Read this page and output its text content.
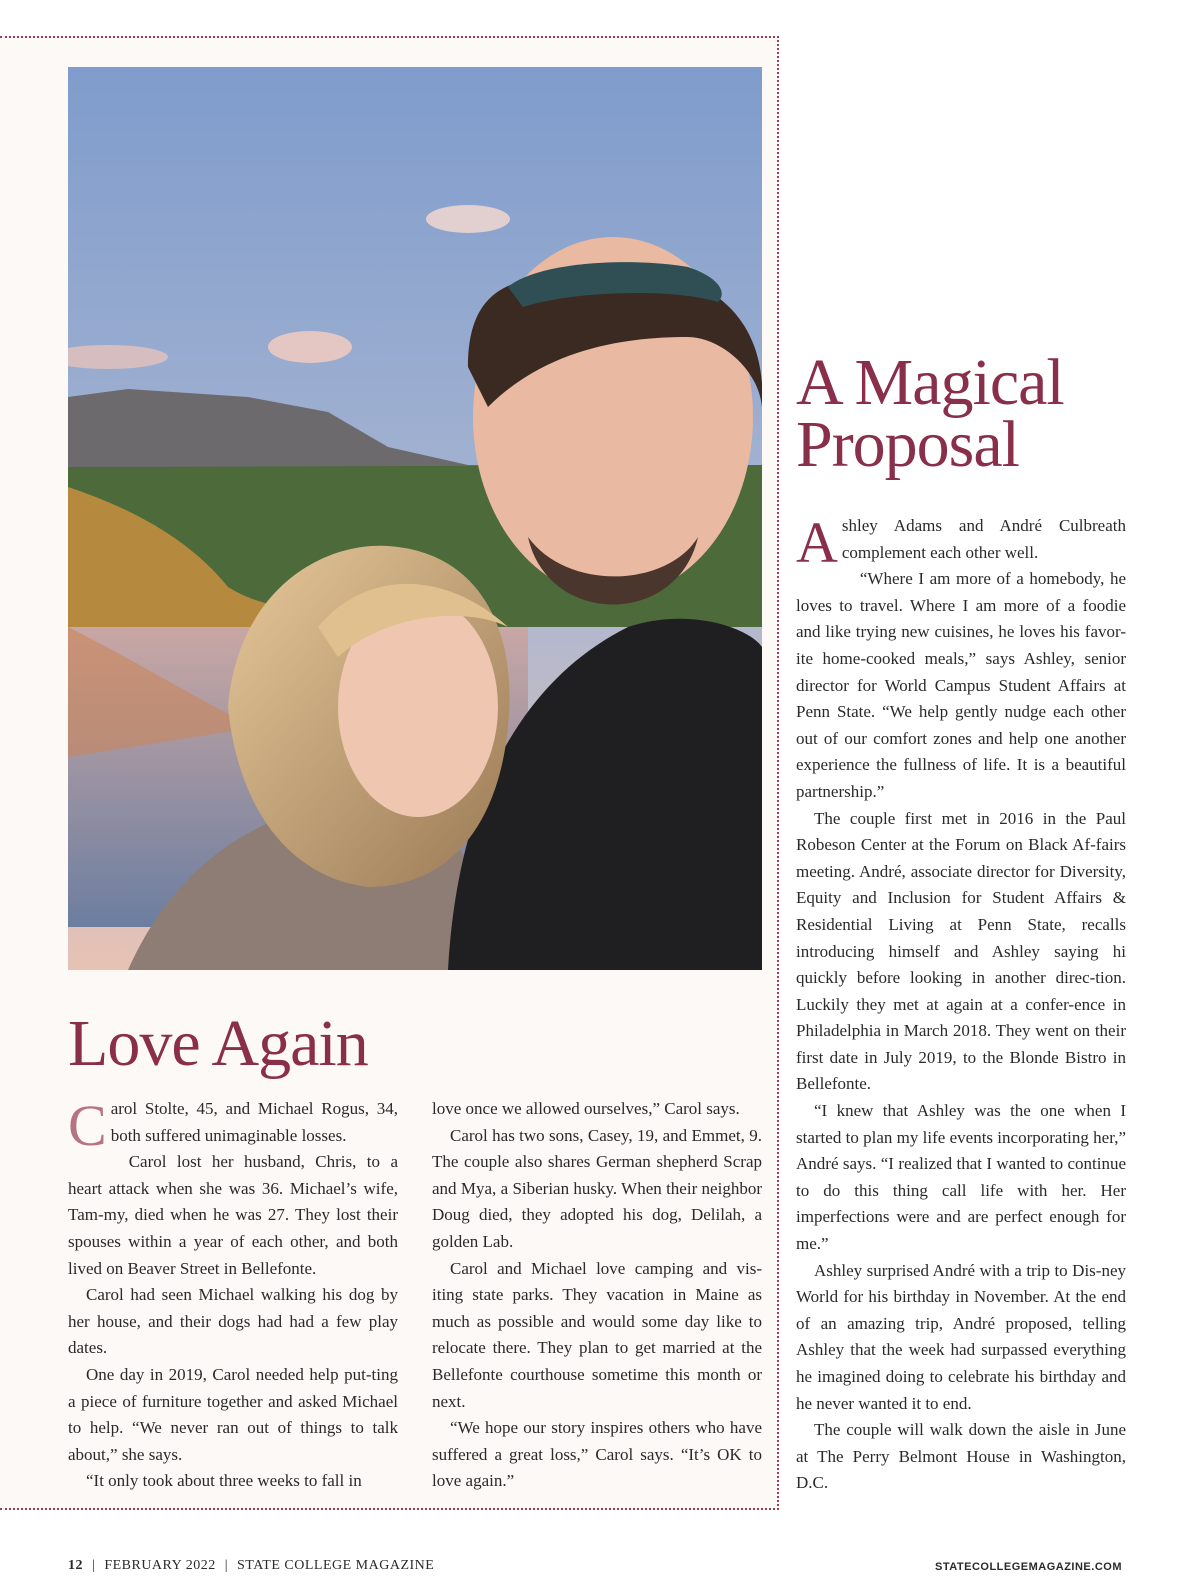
Love Again

Carol Stolte, 45, and Michael Rogus, 34, both suffered unimaginable losses.

Carol lost her husband, Chris, to a heart attack when she was 36. Michael’s wife, Tam-my, died when he was 27. They lost their spouses within a year of each other, and both lived on Beaver Street in Bellefonte.

Carol had seen Michael walking his dog by her house, and their dogs had had a few play dates.

One day in 2019, Carol needed help put-ting a piece of furniture together and asked Michael to help. “We never ran out of things to talk about,” she says.

“It only took about three weeks to fall in

love once we allowed ourselves,” Carol says.

Carol has two sons, Casey, 19, and Emmet, 9. The couple also shares German shepherd Scrap and Mya, a Siberian husky. When their neighbor Doug died, they adopted his dog, Delilah, a golden Lab.

Carol and Michael love camping and vis-iting state parks. They vacation in Maine as much as possible and would some day like to relocate there. They plan to get married at the Bellefonte courthouse sometime this month or next.

“We hope our story inspires others who have suffered a great loss,” Carol says. “It’s OK to love again.”

A Magical
Proposal

Ashley Adams and André Culbreath complement each other well.

“Where I am more of a homebody, he loves to travel. Where I am more of a foodie and like trying new cuisines, he loves his favor-ite home-cooked meals,” says Ashley, senior director for World Campus Student Affairs at Penn State. “We help gently nudge each other out of our comfort zones and help one another experience the fullness of life. It is a beautiful partnership.”

The couple first met in 2016 in the Paul Robeson Center at the Forum on Black Af-fairs meeting. André, associate director for Diversity, Equity and Inclusion for Student Affairs & Residential Living at Penn State, recalls introducing himself and Ashley saying hi quickly before looking in another direc-tion. Luckily they met at again at a confer-ence in Philadelphia in March 2018. They went on their first date in July 2019, to the Blonde Bistro in Bellefonte.

“I knew that Ashley was the one when I started to plan my life events incorporating her,” André says. “I realized that I wanted to continue to do this thing call life with her. Her imperfections were and are perfect enough for me.”

Ashley surprised André with a trip to Dis-ney World for his birthday in November. At the end of an amazing trip, André proposed, telling Ashley that the week had surpassed everything he imagined doing to celebrate his birthday and he never wanted it to end.

The couple will walk down the aisle in June at The Perry Belmont House in Washington, D.C.

12 | FEBRUARY 2022 | STATE COLLEGE MAGAZINE	STATECOLLEGEMAGAZINE.COM
